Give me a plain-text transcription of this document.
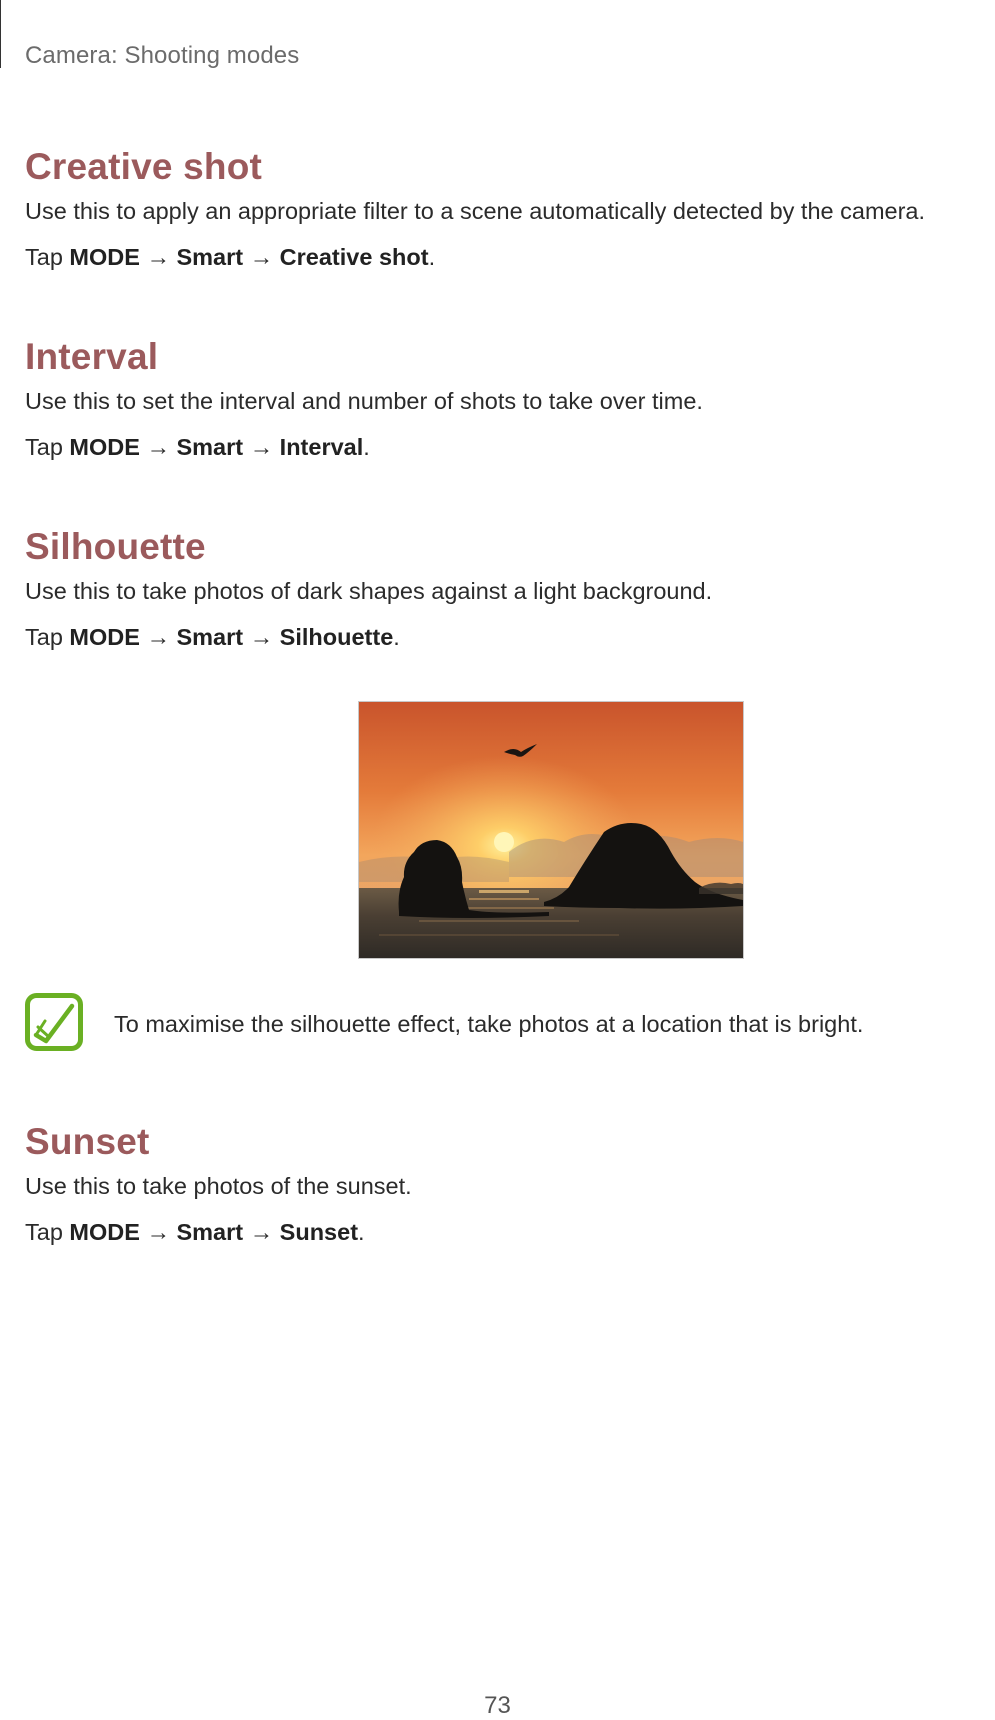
Camera: Shooting modes
Creative shot

Use this to apply an appropriate filter to a scene automatically detected by the camera.

Tap MODE → Smart → Creative shot.

Interval

Use this to set the interval and number of shots to take over time.

Tap MODE → Smart → Interval.

Silhouette

Use this to take photos of dark shapes against a light background.

Tap MODE → Smart → Silhouette.

To maximise the silhouette effect, take photos at a location that is bright.
Sunset

Use this to take photos of the sunset.

Tap MODE → Smart → Sunset.

73
